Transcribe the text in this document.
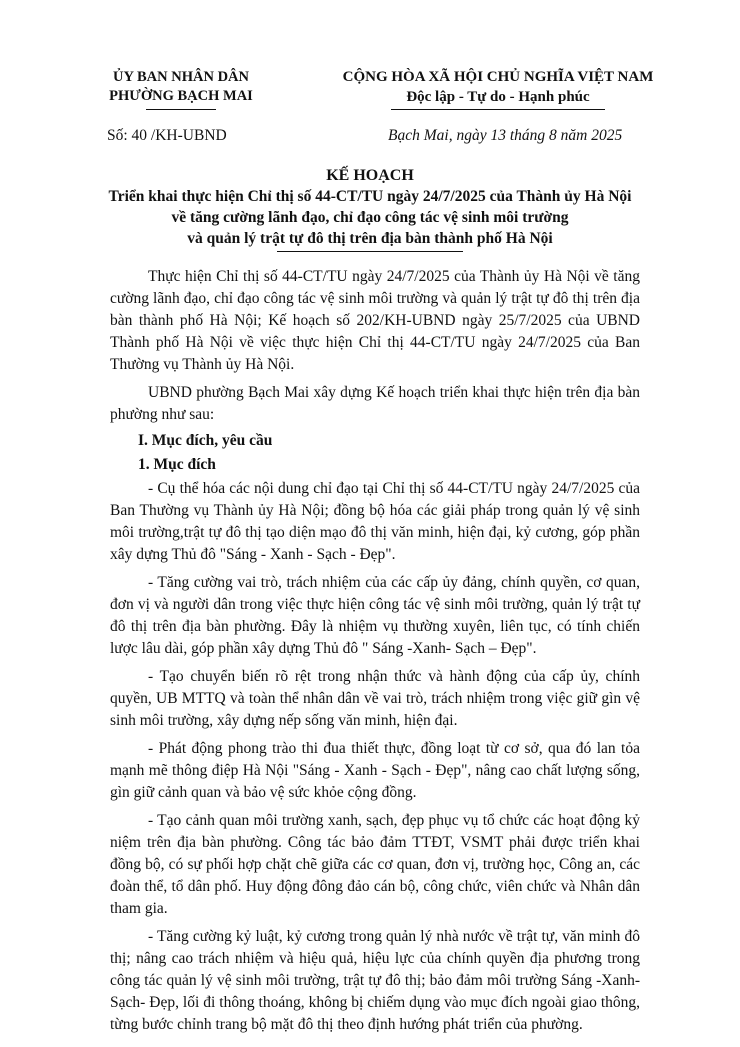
ỦY BAN NHÂN DÂN
PHƯỜNG BẠCH MAI
CỘNG HÒA XÃ HỘI CHỦ NGHĨA VIỆT NAM
Độc lập - Tự do - Hạnh phúc
Số: 40 /KH-UBND	Bạch Mai, ngày 13 tháng 8 năm 2025
KẾ HOẠCH
Triển khai thực hiện Chỉ thị số 44-CT/TU ngày 24/7/2025 của Thành ủy Hà Nội
về tăng cường lãnh đạo, chỉ đạo công tác vệ sinh môi trường
và quản lý trật tự đô thị trên địa bàn thành phố Hà Nội

Thực hiện Chỉ thị số 44-CT/TU ngày 24/7/2025 của Thành ủy Hà Nội về tăng cường lãnh đạo, chỉ đạo công tác vệ sinh môi trường và quản lý trật tự đô thị trên địa bàn thành phố Hà Nội; Kế hoạch số 202/KH-UBND ngày 25/7/2025 của UBND Thành phố Hà Nội về việc thực hiện Chỉ thị 44-CT/TU ngày 24/7/2025 của Ban Thường vụ Thành ủy Hà Nội.

UBND phường Bạch Mai xây dựng Kế hoạch triển khai thực hiện trên địa bàn phường như sau:

I. Mục đích, yêu cầu

1. Mục đích

- Cụ thể hóa các nội dung chỉ đạo tại Chỉ thị số 44-CT/TU ngày 24/7/2025 của Ban Thường vụ Thành ủy Hà Nội; đồng bộ hóa các giải pháp trong quản lý vệ sinh môi trường,trật tự đô thị tạo diện mạo đô thị văn minh, hiện đại, kỷ cương, góp phần xây dựng Thủ đô "Sáng - Xanh - Sạch - Đẹp".

- Tăng cường vai trò, trách nhiệm của các cấp ủy đảng, chính quyền, cơ quan, đơn vị và người dân trong việc thực hiện công tác vệ sinh môi trường, quản lý trật tự đô thị trên địa bàn phường. Đây là nhiệm vụ thường xuyên, liên tục, có tính chiến lược lâu dài, góp phần xây dựng Thủ đô " Sáng -Xanh- Sạch – Đẹp".

- Tạo chuyển biến rõ rệt trong nhận thức và hành động của cấp ủy, chính quyền, UB MTTQ và toàn thể nhân dân về vai trò, trách nhiệm trong việc giữ gìn vệ sinh môi trường, xây dựng nếp sống văn minh, hiện đại.

- Phát động phong trào thi đua thiết thực, đồng loạt từ cơ sở, qua đó lan tỏa mạnh mẽ thông điệp Hà Nội "Sáng - Xanh - Sạch - Đẹp", nâng cao chất lượng sống, gìn giữ cảnh quan và bảo vệ sức khỏe cộng đồng.

- Tạo cảnh quan môi trường xanh, sạch, đẹp phục vụ tổ chức các hoạt động kỷ niệm trên địa bàn phường. Công tác bảo đảm TTĐT, VSMT phải được triển khai đồng bộ, có sự phối hợp chặt chẽ giữa các cơ quan, đơn vị, trường học, Công an, các đoàn thể, tổ dân phố. Huy động đông đảo cán bộ, công chức, viên chức và Nhân dân tham gia.

- Tăng cường kỷ luật, kỷ cương trong quản lý nhà nước về trật tự, văn minh đô thị; nâng cao trách nhiệm và hiệu quả, hiệu lực của chính quyền địa phương trong công tác quản lý vệ sinh môi trường, trật tự đô thị; bảo đảm môi trường Sáng -Xanh-Sạch- Đẹp, lối đi thông thoáng, không bị chiếm dụng vào mục đích ngoài giao thông, từng bước chỉnh trang bộ mặt đô thị theo định hướng phát triển của phường.
